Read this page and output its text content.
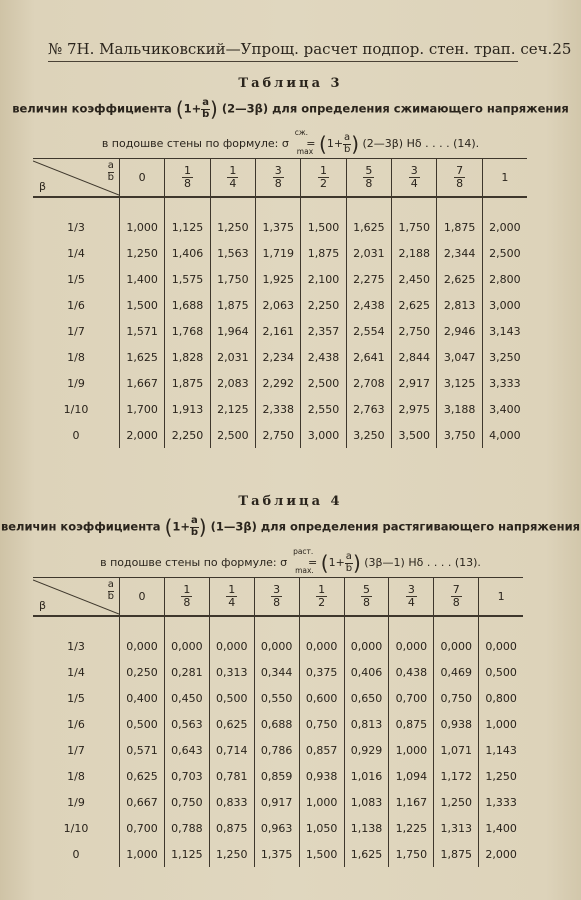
№ 7 Н. Мальчиковский—Упрощ. расчет подпор. стен. трап. сеч. 25
Таблица 3
величин коэффициента ($1+ \frac{a}{b}$ ) (2—3β) для определения сжимающего напряжения
в подошве стены по формуле: σ
сж.
max
= ($1+ \frac{a}{b}$ ) (2—3β) Hδ . . . . (14).
a
b
β	0	$\frac{1}{8}$	$\frac{1}{4}$	$\frac{3}{8}$	$\frac{1}{2}$	$\frac{5}{8}$	$\frac{3}{4}$	$\frac{7}{8}$	1

1/3	1,000	1,125	1,250	1,375	1,500	1,625	1,750	1,875	2,000
1/4	1,250	1,406	1,563	1,719	1,875	2,031	2,188	2,344	2,500
1/5	1,400	1,575	1,750	1,925	2,100	2,275	2,450	2,625	2,800
1/6	1,500	1,688	1,875	2,063	2,250	2,438	2,625	2,813	3,000
1/7	1,571	1,768	1,964	2,161	2,357	2,554	2,750	2,946	3,143
1/8	1,625	1,828	2,031	2,234	2,438	2,641	2,844	3,047	3,250
1/9	1,667	1,875	2,083	2,292	2,500	2,708	2,917	3,125	3,333
1/10	1,700	1,913	2,125	2,338	2,550	2,763	2,975	3,188	3,400
0	2,000	2,250	2,500	2,750	3,000	3,250	3,500	3,750	4,000
Таблица 4
величин коэффициента ($1+ \frac{a}{b}$ ) (1—3β) для определения растягивающего напряжения
в подошве стены по формуле: σ
раст.
max.
= ($1+ \frac{a}{b}$ ) (3β—1) Hδ . . . . (13).
a
b
β	0	$\frac{1}{8}$	$\frac{1}{4}$	$\frac{3}{8}$	$\frac{1}{2}$	$\frac{5}{8}$	$\frac{3}{4}$	$\frac{7}{8}$	1

1/3	0,000	0,000	0,000	0,000	0,000	0,000	0,000	0,000	0,000
1/4	0,250	0,281	0,313	0,344	0,375	0,406	0,438	0,469	0,500
1/5	0,400	0,450	0,500	0,550	0,600	0,650	0,700	0,750	0,800
1/6	0,500	0,563	0,625	0,688	0,750	0,813	0,875	0,938	1,000
1/7	0,571	0,643	0,714	0,786	0,857	0,929	1,000	1,071	1,143
1/8	0,625	0,703	0,781	0,859	0,938	1,016	1,094	1,172	1,250
1/9	0,667	0,750	0,833	0,917	1,000	1,083	1,167	1,250	1,333
1/10	0,700	0,788	0,875	0,963	1,050	1,138	1,225	1,313	1,400
0	1,000	1,125	1,250	1,375	1,500	1,625	1,750	1,875	2,000
